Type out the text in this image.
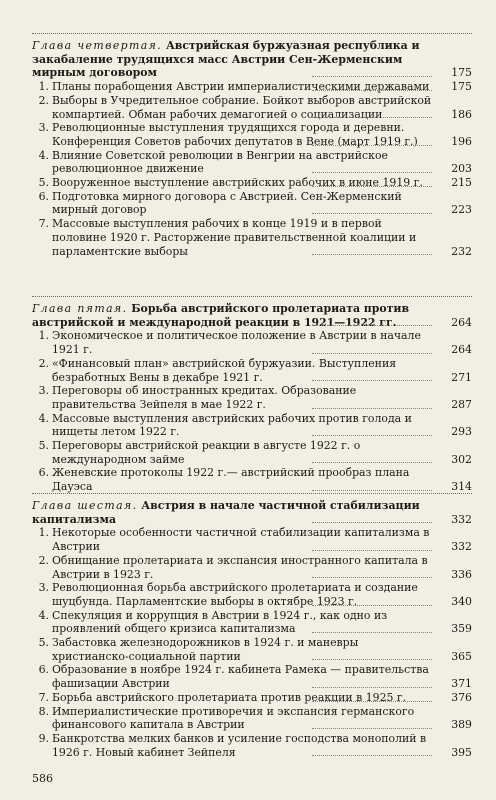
Глава четвертая. Австрийская буржуазная республика и закабаление трудящихся масс Австрии Сен-Жерменским мирным договором	175
1. Планы порабощения Австрии империалистическими державами	175
2. Выборы в Учредительное собрание. Бойкот выборов австрийской компартией. Обман рабочих демагогией о социализации	186
3. Революционные выступления трудящихся города и деревни. Конференция Советов рабочих депутатов в Вене (март 1919 г.)	196
4. Влияние Советской революции в Венгрии на австрийское революционное движение	203
5. Вооруженное выступление австрийских рабочих в июне 1919 г.	215
6. Подготовка мирного договора с Австрией. Сен-Жерменский мирный договор	223
7. Массовые выступления рабочих в конце 1919 и в первой половине 1920 г. Расторжение правительственной коалиции и парламентские выборы	232
Глава пятая. Борьба австрийского пролетариата против австрийской и международной реакции в 1921—1922 гг.	264
1. Экономическое и политическое положение в Австрии в начале 1921 г.	264
2. «Финансовый план» австрийской буржуазии. Выступления безработных Вены в декабре 1921 г.	271
3. Переговоры об иностранных кредитах. Образование правительства Зейпеля в мае 1922 г.	287
4. Массовые выступления австрийских рабочих против голода и нищеты летом 1922 г.	293
5. Переговоры австрийской реакции в августе 1922 г. о международном займе	302
6. Женевские протоколы 1922 г.— австрийский прообраз плана Дауэса	314
Глава шестая. Австрия в начале частичной стабилизации капитализма	332
1. Некоторые особенности частичной стабилизации капитализма в Австрии	332
2. Обнищание пролетариата и экспансия иностранного капитала в Австрии в 1923 г.	336
3. Революционная борьба австрийского пролетариата и создание шуцбунда. Парламентские выборы в октябре 1923 г.	340
4. Спекуляция и коррупция в Австрии в 1924 г., как одно из проявлений общего кризиса капитализма	359
5. Забастовка железнодорожников в 1924 г. и маневры христианско-социальной партии	365
6. Образование в ноябре 1924 г. кабинета Рамека — правительства фашизации Австрии	371
7. Борьба австрийского пролетариата против реакции в 1925 г.	376
8. Империалистические противоречия и экспансия германского финансового капитала в Австрии	389
9. Банкротства мелких банков и усиление господства монополий в 1926 г. Новый кабинет Зейпеля	395
586
